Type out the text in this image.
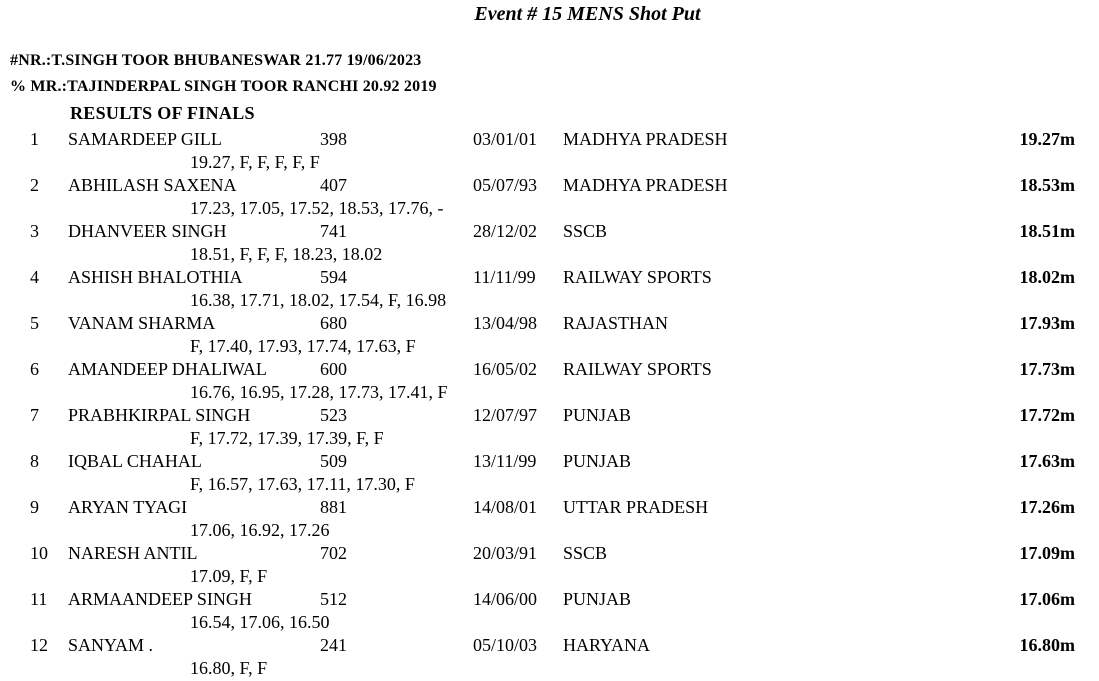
Event # 15 MENS Shot Put
#NR.:T.SINGH TOOR BHUBANESWAR 21.77 19/06/2023
% MR.:TAJINDERPAL SINGH TOOR RANCHI 20.92 2019
RESULTS OF FINALS
1	SAMARDEEP GILL	398	03/01/01	MADHYA PRADESH	19.27m
19.27, F, F, F, F, F
2	ABHILASH SAXENA	407	05/07/93	MADHYA PRADESH	18.53m
17.23, 17.05, 17.52, 18.53, 17.76, -
3	DHANVEER SINGH	741	28/12/02	SSCB	18.51m
18.51, F, F, F, 18.23, 18.02
4	ASHISH BHALOTHIA	594	11/11/99	RAILWAY SPORTS	18.02m
16.38, 17.71, 18.02, 17.54, F, 16.98
5	VANAM SHARMA	680	13/04/98	RAJASTHAN	17.93m
F, 17.40, 17.93, 17.74, 17.63, F
6	AMANDEEP DHALIWAL	600	16/05/02	RAILWAY SPORTS	17.73m
16.76, 16.95, 17.28, 17.73, 17.41, F
7	PRABHKIRPAL SINGH	523	12/07/97	PUNJAB	17.72m
F, 17.72, 17.39, 17.39, F, F
8	IQBAL CHAHAL	509	13/11/99	PUNJAB	17.63m
F, 16.57, 17.63, 17.11, 17.30, F
9	ARYAN TYAGI	881	14/08/01	UTTAR PRADESH	17.26m
17.06, 16.92, 17.26
10	NARESH ANTIL	702	20/03/91	SSCB	17.09m
17.09, F, F
11	ARMAANDEEP SINGH	512	14/06/00	PUNJAB	17.06m
16.54, 17.06, 16.50
12	SANYAM .	241	05/10/03	HARYANA	16.80m
16.80, F, F
